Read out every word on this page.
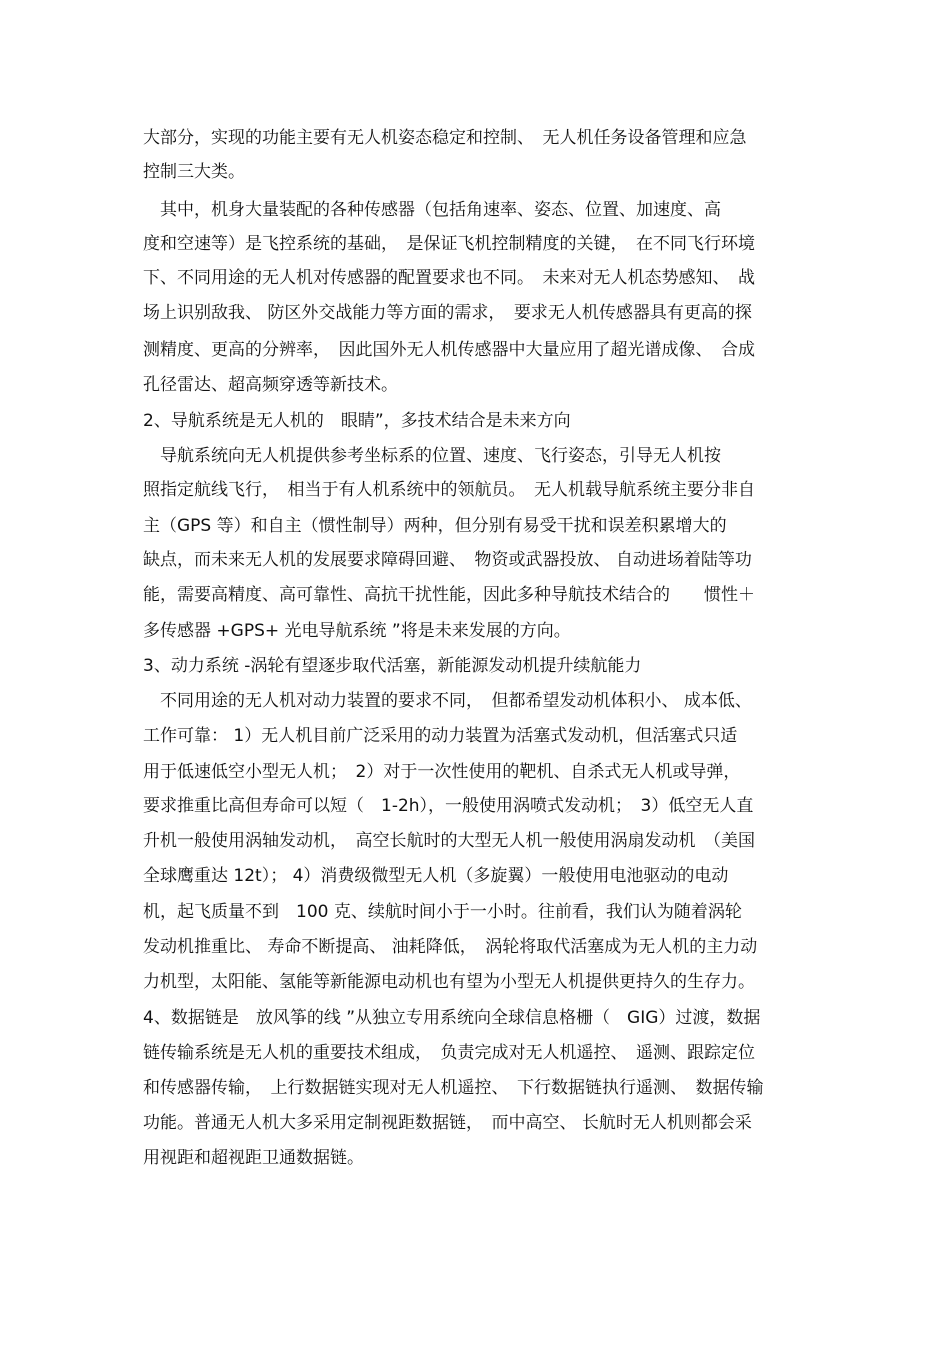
大部分，实现的功能主要有无人机姿态稳定和控制、　无人机任务设备管理和应急
控制三大类。
　其中，机身大量装配的各种传感器（包括角速率、姿态、位置、加速度、高
度和空速等）是飞控系统的基础，　是保证飞机控制精度的关键，　在不同飞行环境
下、不同用途的无人机对传感器的配置要求也不同。　未来对无人机态势感知、　战
场上识别敌我、 防区外交战能力等方面的需求，　要求无人机传感器具有更高的探
测精度、更高的分辨率，　因此国外无人机传感器中大量应用了超光谱成像、　合成
孔径雷达、超高频穿透等新技术。
2、导航系统是无人机的　眼睛”，多技术结合是未来方向
　导航系统向无人机提供参考坐标系的位置、速度、飞行姿态，引导无人机按
照指定航线飞行，　相当于有人机系统中的领航员。　无人机载导航系统主要分非自
主（GPS 等）和自主（惯性制导）两种，但分别有易受干扰和误差积累增大的
缺点，而未来无人机的发展要求障碍回避、　物资或武器投放、 自动进场着陆等功
能，需要高精度、高可靠性、高抗干扰性能，因此多种导航技术结合的　　惯性＋
多传感器 +GPS+ 光电导航系统 ”将是未来发展的方向。
3、动力系统 -涡轮有望逐步取代活塞，新能源发动机提升续航能力
　不同用途的无人机对动力装置的要求不同，　但都希望发动机体积小、 成本低、
工作可靠： 1）无人机目前广泛采用的动力装置为活塞式发动机，但活塞式只适
用于低速低空小型无人机；　2）对于一次性使用的靶机、自杀式无人机或导弹，
要求推重比高但寿命可以短（　1-2h），一般使用涡喷式发动机；　3）低空无人直
升机一般使用涡轴发动机，　高空长航时的大型无人机一般使用涡扇发动机　（美国
全球鹰重达 12t）； 4）消费级微型无人机（多旋翼）一般使用电池驱动的电动
机，起飞质量不到　100 克、续航时间小于一小时。往前看，我们认为随着涡轮
发动机推重比、 寿命不断提高、 油耗降低，　涡轮将取代活塞成为无人机的主力动
力机型，太阳能、氢能等新能源电动机也有望为小型无人机提供更持久的生存力。
4、数据链是　放风筝的线 ”从独立专用系统向全球信息格栅（　GIG）过渡，数据
链传输系统是无人机的重要技术组成，　负责完成对无人机遥控、　遥测、跟踪定位
和传感器传输，　上行数据链实现对无人机遥控、　下行数据链执行遥测、　数据传输
功能。普通无人机大多采用定制视距数据链，　而中高空、 长航时无人机则都会采
用视距和超视距卫通数据链。
